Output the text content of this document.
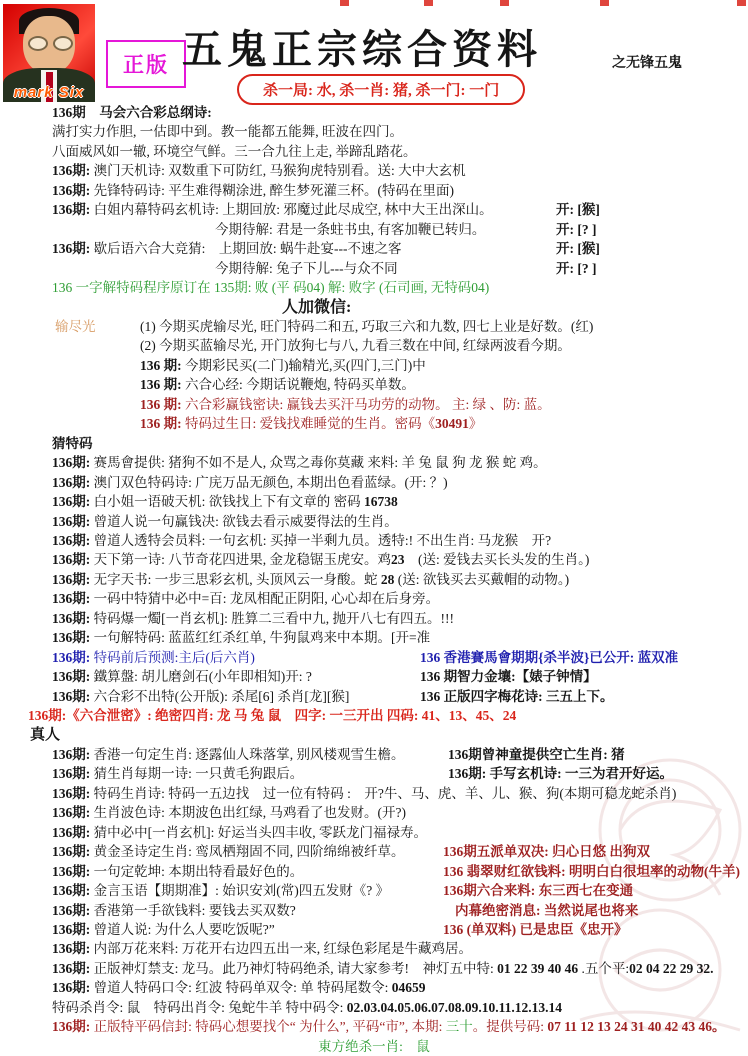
mark Six
正版 五鬼正宗综合资料	之无锋五鬼
杀一局: 水, 杀一肖: 猪, 杀一门: 一门
136期　马会六合彩总纲诗:
满打实力作胆, 一估即中到。教一能都五能舞, 旺波在四门。
八面威风如一辙, 环境空气鲜。三一合九往上走, 举蹄乱踏花。
136期: 澳门天机诗: 双数重下可防红, 马猴狗虎特别看。送: 大中大玄机
136期: 先锋特码诗: 平生难得糊涂进, 醉生梦死灌三杯。(特码在里面)
136期: 白姐内幕特码玄机诗: 上期回放: 邪魔过此尽成空, 林中大王出深山。	开: [猴]
今期待解: 君是一条蛀书虫, 有客加鞭已转归。	开: [? ]
136期: 歇后语六合大竞猜:　上期回放: 蜗牛赴宴---不速之客	开: [猴]
今期待解: 兔子下儿---与众不同	开: [? ]
136 一字解特码程序原订在 135期: 败 (平 码04) 解: 败字 (石司画, 无特码04)
人加微信:
输尽光	(1) 今期买虎输尽光, 旺门特码二和五, 巧取三六和九数, 四七上业是好数。(红)
(2) 今期买蓝输尽光, 开门放狗七与八, 九看三数在中间, 红绿两波看今期。
136 期: 今期彩民买(二门)输精光,买(四门,三门)中
136 期: 六合心经: 今期话说鞭炮, 特码买单数。
136 期: 六合彩赢钱密诀: 赢钱去买汗马功劳的动物。 主: 绿 、防: 蓝。
136 期: 特码过生日: 爱钱找难睡觉的生肖。密码《30491》
猜特码
136期: 赛馬會提供: 猪狗不如不是人, 众骂之毒你莫藏 来料: 羊 兔 鼠 狗 龙 猴 蛇 鸡。
136期: 澳门双色特码诗: 广庑万品无颜色, 本期出色看蓝绿。(开: ？)
136期: 白小姐一语破天机: 欲钱找上下有文章的 密码 16738
136期: 曾道人说一句赢钱决: 欲钱去看示威要得法的生肖。
136期: 曾道人透特会员料: 一句玄机: 买掉一半剩九员。透特:! 不出生肖: 马龙猴　开?
136期: 天下第一诗: 八节奇花四进果, 金龙稳锯玉虎安。鸡23　(送: 爱钱去买长头发的生肖。)
136期: 无字天书: 一步三思彩玄机, 头顶风云一身酸。蛇 28 (送: 欲钱买去买戴帽的动物。)
136期: 一码中特猜中必中=百: 龙凤相配正阴阳, 心心却在后身旁。
136期: 特码爆一燭[一肖玄机]: 胜算二三看中九, 抛开八七有四五。!!!
136期: 一句解特码: 蓝蓝红红杀红单, 牛狗鼠鸡来中本期。[开=准
136期: 特码前后预测:主后(后六肖)	136 香港賽馬會期期{杀半波}已公开: 蓝双准
136期: 鐵算盤: 胡儿磨剑石(小年即相知)开: ?	136 期智力金壤:【婊子钟情】
136期: 六合彩不出特(公开版): 杀尾[6] 杀肖[龙][猴]	136 正版四字梅花诗: 三五上下。
136期:《六合泄密》: 绝密四肖: 龙 马 兔 鼠　四字: 一三开出 四码: 41、13、45、24
真人
136期: 香港一句定生肖: 逐露仙人珠落掌, 别风楼观雪生檐。	136期曾神童提供空亡生肖: 猪
136期: 猜生肖每期一诗: 一只黄毛狗跟后。	136期: 手写玄机诗: 一三为君开好运。
136期: 特码生肖诗: 特码一五边找　过一位有特码 :　开?牛、马、虎、羊、儿、猴、狗(本期可稳龙蛇杀肖)
136期: 生肖波色诗: 本期波色出红绿, 马鸡看了也发财。(开?)
136期: 猜中必中[一肖玄机]: 好运当头四丰收, 零跃龙门福禄寿。
136期: 黄金圣诗定生肖: 鸾凤栖翔固不同, 四阶绵绵被纤草。	136期五派单双决: 归心日悠 出狗双
136期: 一句定乾坤: 本期出特看最好色的。	136 翡翠财红欲钱料: 明明白白很坦率的动物(牛羊)
136期: 金言玉语【期期准】: 始识安刘(常)四五发财《? 》	136期六合来料: 东三西七在变通
136期: 香港第一手欲钱料: 要钱去买双数?	内幕绝密消息: 当然说尾也将来
136期: 曾道人说: 为什么人要吃饭呢?”	136 (单双料) 已是忠臣《忠开》
136期: 内部万花来料: 万花开右边四五出一来, 红绿色彩尾是牛藏鸡居。
136期: 正版神灯禁支: 龙马。此乃神灯特码绝杀, 请大家参考!　神灯五中特: 01 22 39 40 46 .五个平:02 04 22 29 32.
136期: 曾道人特码口令: 红波 特码单双令: 单 特码尾数令: 04659
特码杀肖令: 鼠　特码出肖令: 兔蛇牛羊 特中码令: 02.03.04.05.06.07.08.09.10.11.12.13.14
136期: 正版特平码信封: 特码心想要找个“ 为什么”, 平码“市”, 本期: 三十。提供号码: 07 11 12 13 24 31 40 42 43 46。
東方绝杀一肖:　鼠
